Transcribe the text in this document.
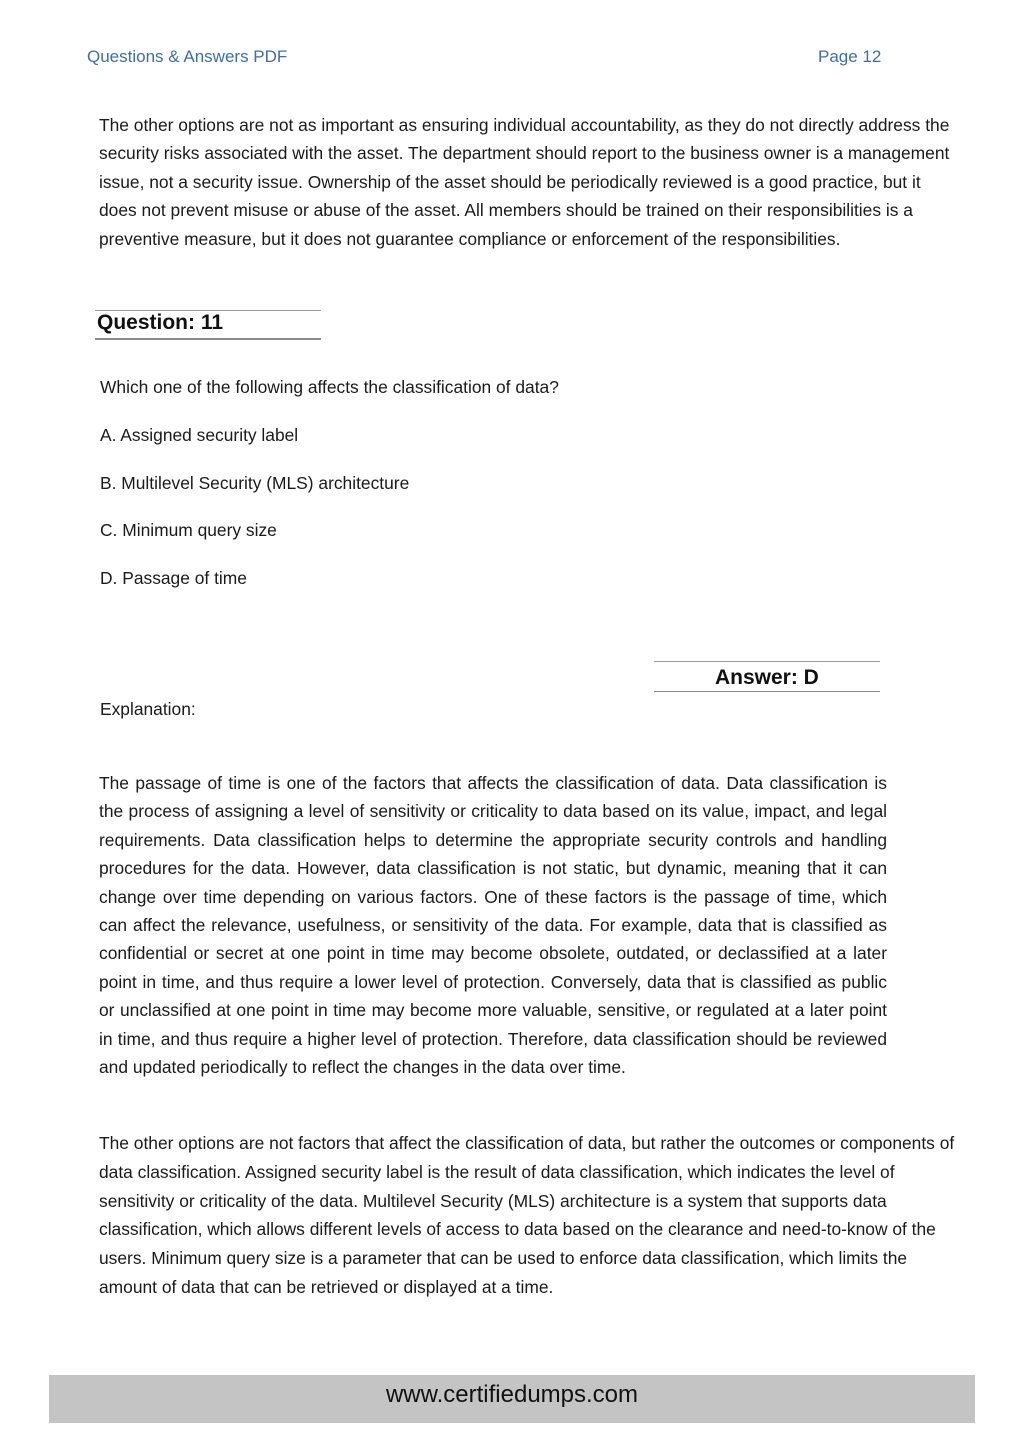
Questions & Answers PDF	Page 12

The other options are not as important as ensuring individual accountability, as they do not directly address the security risks associated with the asset. The department should report to the business owner is a management issue, not a security issue. Ownership of the asset should be periodically reviewed is a good practice, but it does not prevent misuse or abuse of the asset. All members should be trained on their responsibilities is a preventive measure, but it does not guarantee compliance or enforcement of the responsibilities.

Question: 11
Which one of the following affects the classification of data?
A. Assigned security label
B. Multilevel Security (MLS) architecture
C. Minimum query size
D. Passage of time
Answer: D
Explanation:

The passage of time is one of the factors that affects the classification of data. Data classification is the process of assigning a level of sensitivity or criticality to data based on its value, impact, and legal requirements. Data classification helps to determine the appropriate security controls and handling procedures for the data. However, data classification is not static, but dynamic, meaning that it can change over time depending on various factors. One of these factors is the passage of time, which can affect the relevance, usefulness, or sensitivity of the data. For example, data that is classified as confidential or secret at one point in time may become obsolete, outdated, or declassified at a later point in time, and thus require a lower level of protection. Conversely, data that is classified as public or unclassified at one point in time may become more valuable, sensitive, or regulated at a later point in time, and thus require a higher level of protection. Therefore, data classification should be reviewed and updated periodically to reflect the changes in the data over time.

The other options are not factors that affect the classification of data, but rather the outcomes or components of data classification. Assigned security label is the result of data classification, which indicates the level of sensitivity or criticality of the data. Multilevel Security (MLS) architecture is a system that supports data classification, which allows different levels of access to data based on the clearance and need-to-know of the users. Minimum query size is a parameter that can be used to enforce data classification, which limits the amount of data that can be retrieved or displayed at a time.

www.certifiedumps.com
